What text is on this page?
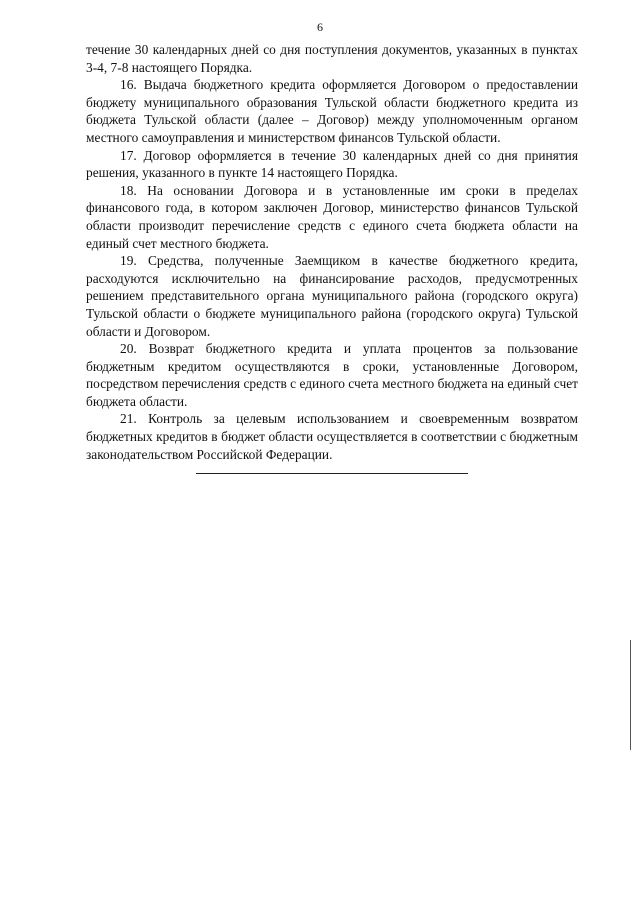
6

течение 30 календарных дней со дня поступления документов, указанных в пунктах 3-4, 7-8 настоящего Порядка.

16. Выдача бюджетного кредита оформляется Договором о предоставлении бюджету муниципального образования Тульской области бюджетного кредита из бюджета Тульской области (далее – Договор) между уполномоченным органом местного самоуправления и министерством финансов Тульской области.

17. Договор оформляется в течение 30 календарных дней со дня принятия решения, указанного в пункте 14 настоящего Порядка.

18. На основании Договора и в установленные им сроки в пределах финансового года, в котором заключен Договор, министерство финансов Тульской области производит перечисление средств с единого счета бюджета области на единый счет местного бюджета.

19. Средства, полученные Заемщиком в качестве бюджетного кредита, расходуются исключительно на финансирование расходов, предусмотренных решением представительного органа муниципального района (городского округа) Тульской области о бюджете муниципального района (городского округа) Тульской области и Договором.

20. Возврат бюджетного кредита и уплата процентов за пользование бюджетным кредитом осуществляются в сроки, установленные Договором, посредством перечисления средств с единого счета местного бюджета на единый счет бюджета области.

21. Контроль за целевым использованием и своевременным возвратом бюджетных кредитов в бюджет области осуществляется в соответствии с бюджетным законодательством Российской Федерации.
